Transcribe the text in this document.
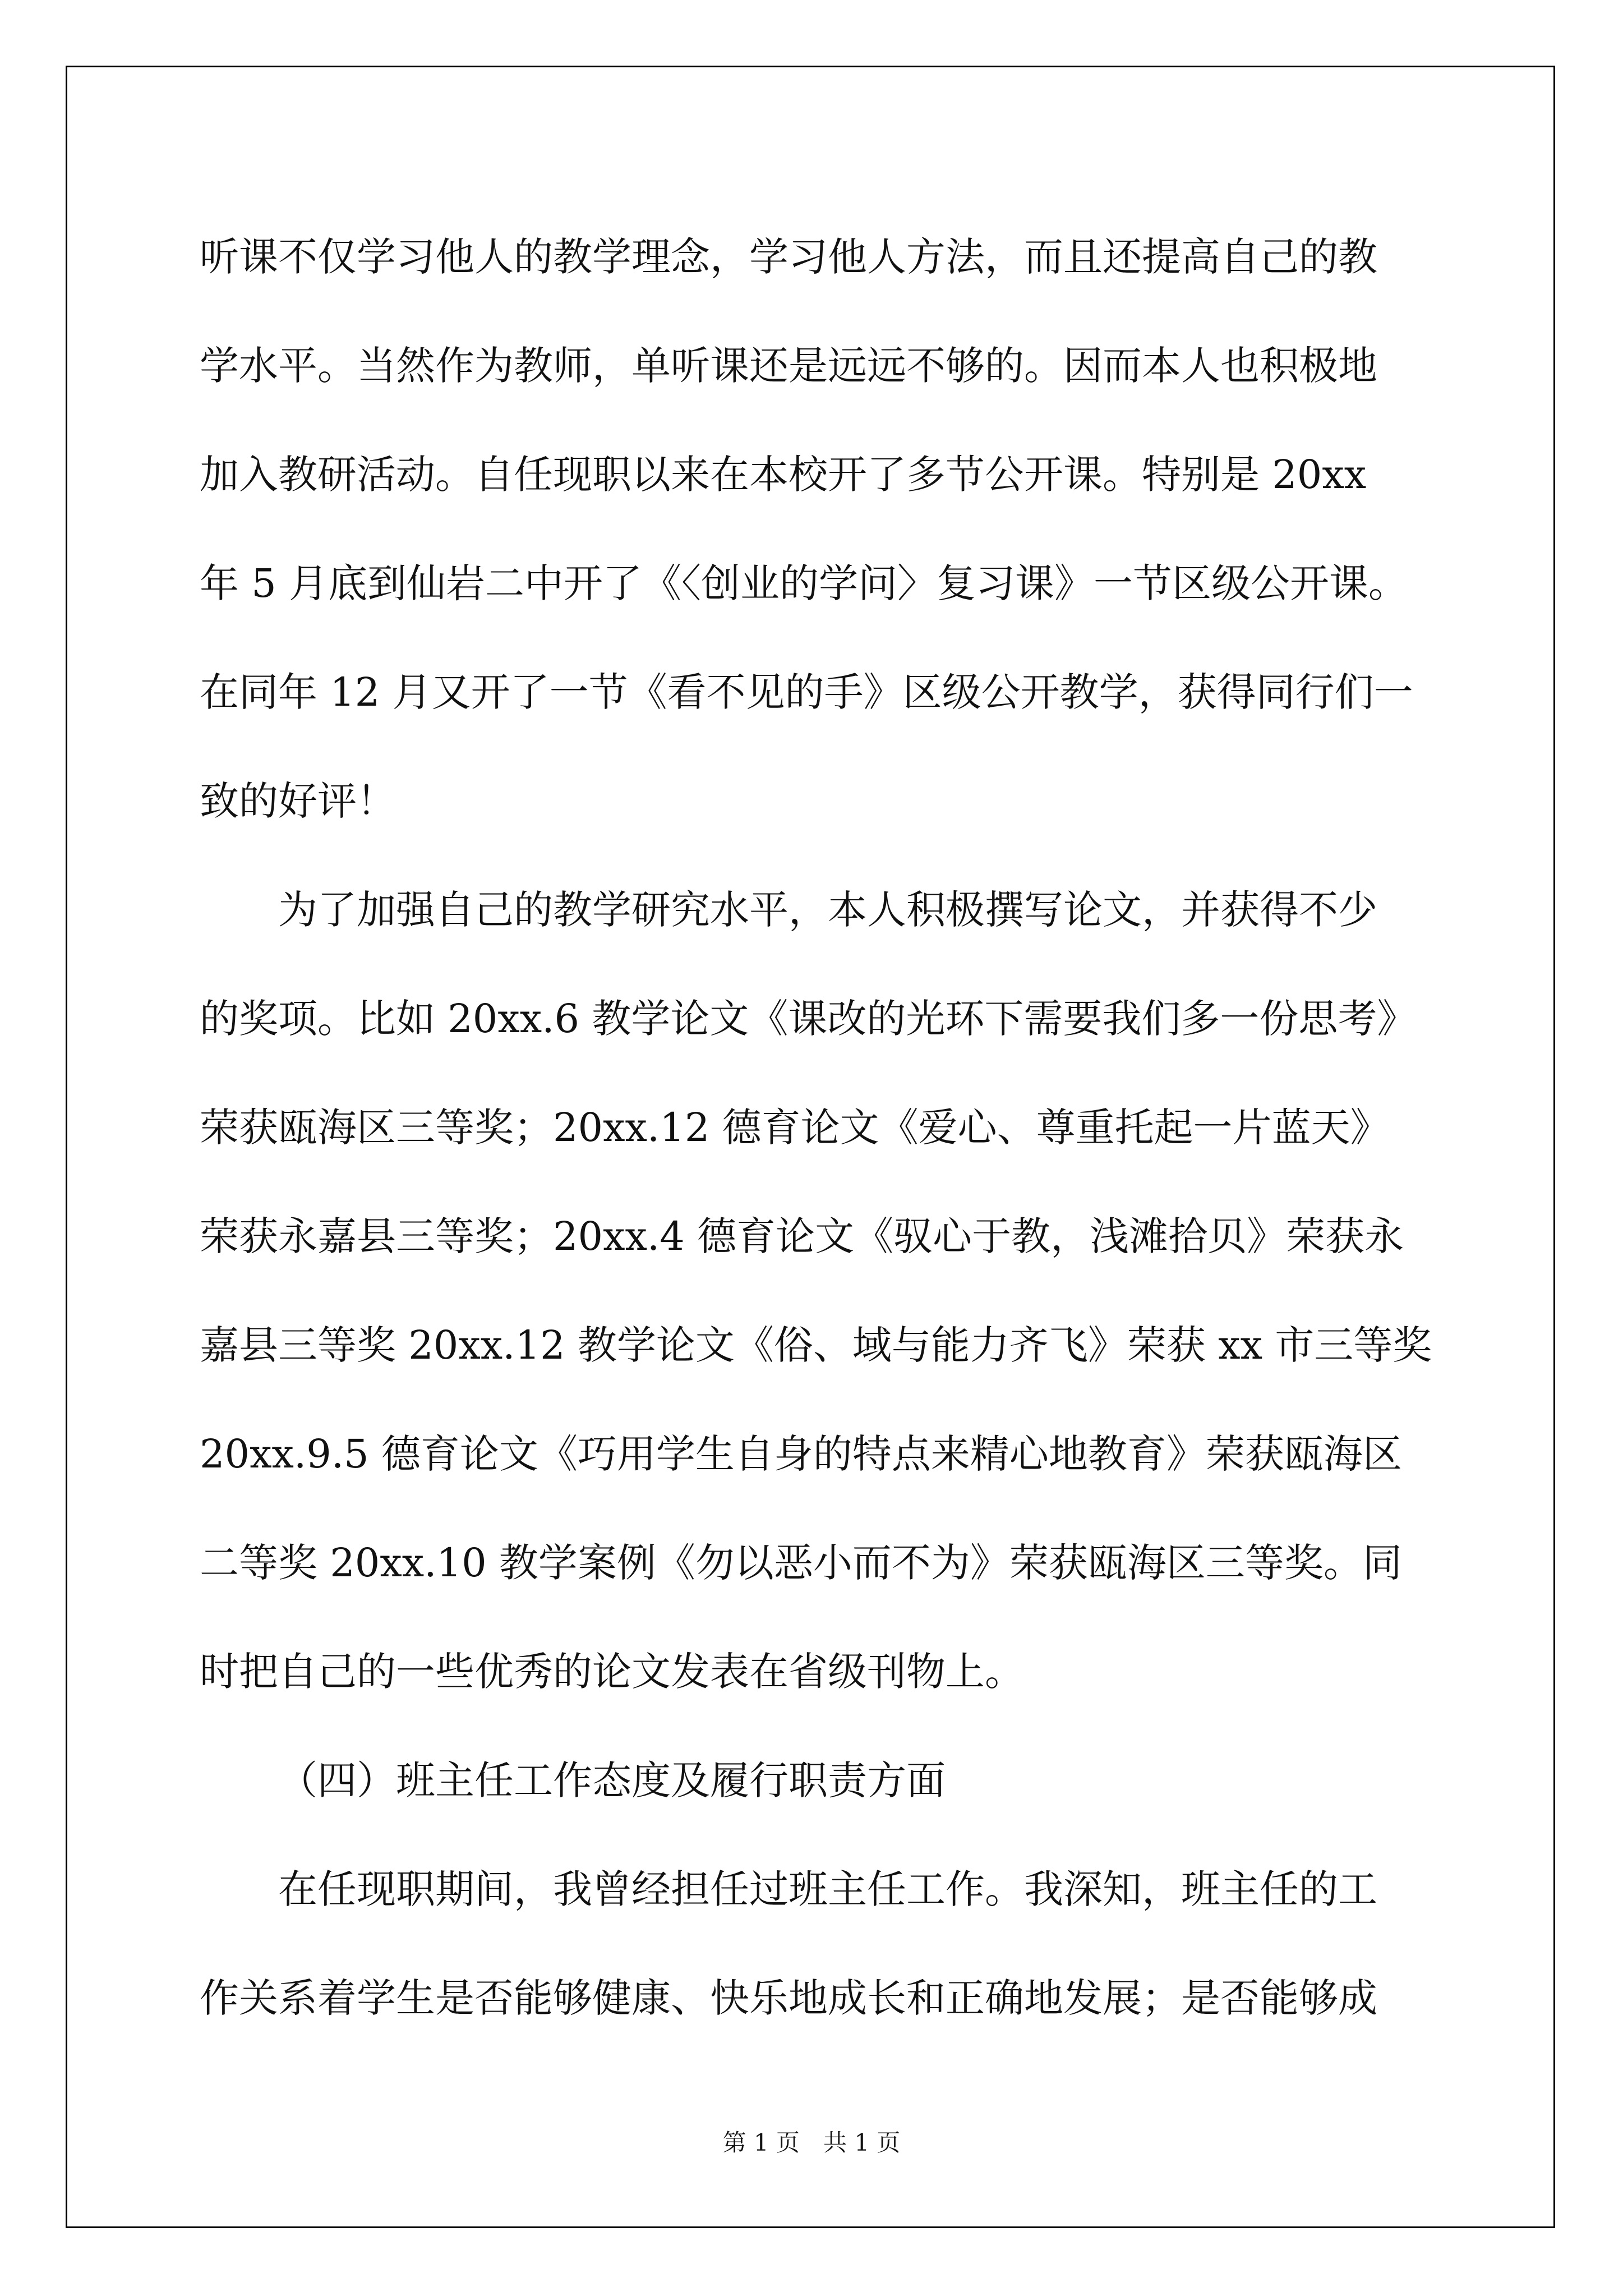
听课不仅学习他人的教学理念，学习他人方法，而且还提高自己的教
学水平。当然作为教师，单听课还是远远不够的。因而本人也积极地
加入教研活动。自任现职以来在本校开了多节公开课。特别是 20xx
年 5 月底到仙岩二中开了《〈创业的学问〉复习课》一节区级公开课。
在同年 12 月又开了一节《看不见的手》区级公开教学，获得同行们一
致的好评！
为了加强自己的教学研究水平，本人积极撰写论文，并获得不少
的奖项。比如 20xx.6 教学论文《课改的光环下需要我们多一份思考》
荣获瓯海区三等奖；20xx.12 德育论文《爱心、尊重托起一片蓝天》
荣获永嘉县三等奖；20xx.4 德育论文《驭心于教，浅滩拾贝》荣获永
嘉县三等奖 20xx.12 教学论文《俗、域与能力齐飞》荣获 xx 市三等奖
20xx.9.5 德育论文《巧用学生自身的特点来精心地教育》荣获瓯海区
二等奖 20xx.10 教学案例《勿以恶小而不为》荣获瓯海区三等奖。同
时把自己的一些优秀的论文发表在省级刊物上。
（四）班主任工作态度及履行职责方面
在任现职期间，我曾经担任过班主任工作。我深知，班主任的工
作关系着学生是否能够健康、快乐地成长和正确地发展；是否能够成
第 1 页　共 1 页
